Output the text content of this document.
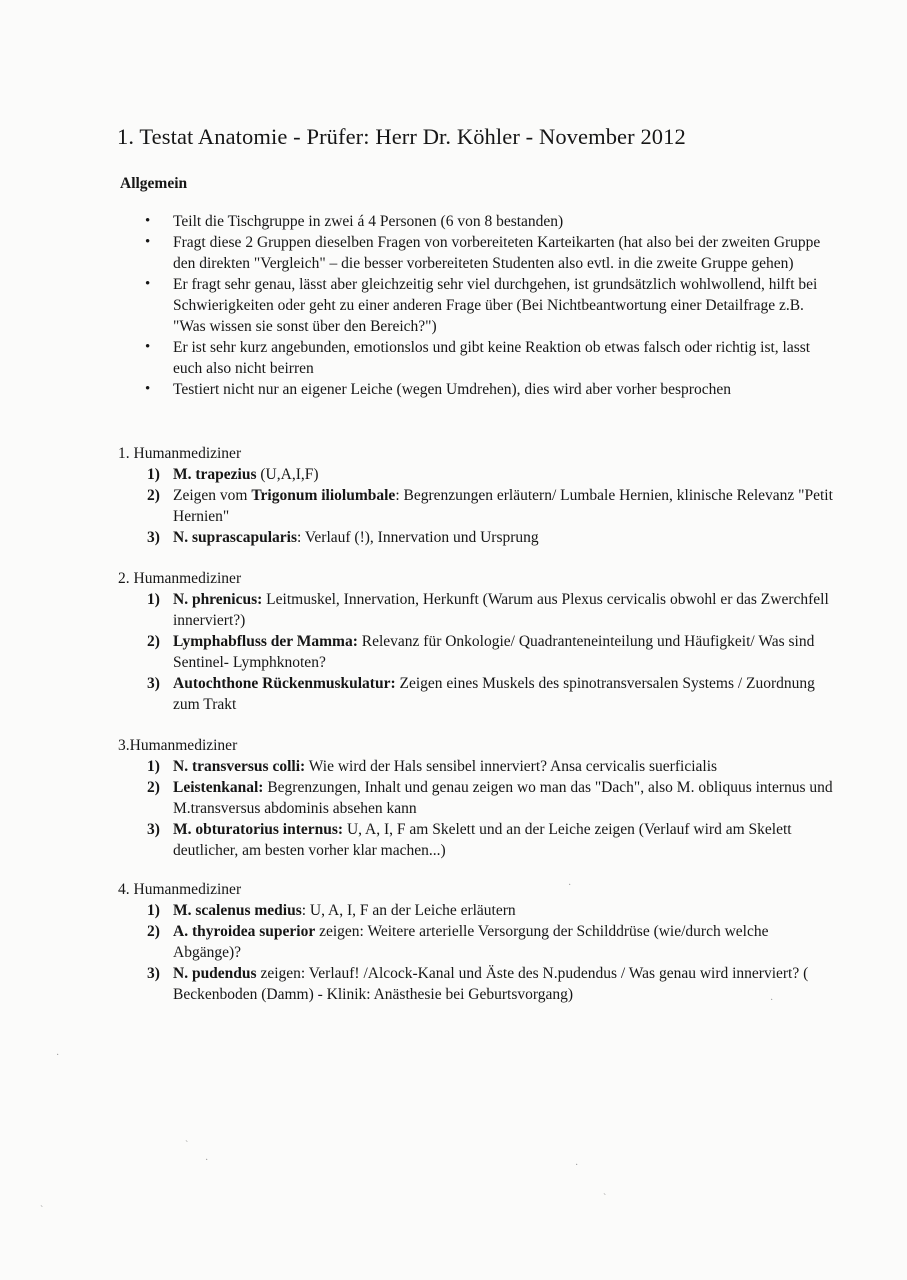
1. Testat Anatomie - Prüfer: Herr Dr. Köhler - November 2012
Allgemein
• Teilt die Tischgruppe in zwei á 4 Personen (6 von 8 bestanden)
• Fragt diese 2 Gruppen dieselben Fragen von vorbereiteten Karteikarten (hat also bei der zweiten Gruppe den direkten "Vergleich" – die besser vorbereiteten Studenten also evtl. in die zweite Gruppe gehen)
• Er fragt sehr genau, lässt aber gleichzeitig sehr viel durchgehen, ist grundsätzlich wohlwollend, hilft bei Schwierigkeiten oder geht zu einer anderen Frage über (Bei Nichtbeantwortung einer Detailfrage z.B. "Was wissen sie sonst über den Bereich?")
• Er ist sehr kurz angebunden, emotionslos und gibt keine Reaktion ob etwas falsch oder richtig ist, lasst euch also nicht beirren
• Testiert nicht nur an eigener Leiche (wegen Umdrehen), dies wird aber vorher besprochen
1. Humanmediziner
1) M. trapezius (U,A,I,F)
2) Zeigen vom Trigonum iliolumbale: Begrenzungen erläutern/ Lumbale Hernien, klinische Relevanz "Petit Hernien"
3) N. suprascapularis: Verlauf (!), Innervation und Ursprung
2. Humanmediziner
1) N. phrenicus: Leitmuskel, Innervation, Herkunft (Warum aus Plexus cervicalis obwohl er das Zwerchfell innerviert?)
2) Lymphabfluss der Mamma: Relevanz für Onkologie/ Quadranteneinteilung und Häufigkeit/ Was sind Sentinel- Lymphknoten?
3) Autochthone Rückenmuskulatur: Zeigen eines Muskels des spinotransversalen Systems / Zuordnung zum Trakt
3.Humanmediziner
1) N. transversus colli: Wie wird der Hals sensibel innerviert? Ansa cervicalis suerficialis
2) Leistenkanal: Begrenzungen, Inhalt und genau zeigen wo man das "Dach", also M. obliquus internus und M.transversus abdominis absehen kann
3) M. obturatorius internus: U, A, I, F am Skelett und an der Leiche zeigen (Verlauf wird am Skelett deutlicher, am besten vorher klar machen...)
4. Humanmediziner
1) M. scalenus medius: U, A, I, F an der Leiche erläutern
2) A. thyroidea superior zeigen: Weitere arterielle Versorgung der Schilddrüse (wie/durch welche Abgänge)?
3) N. pudendus zeigen: Verlauf! /Alcock-Kanal und Äste des N.pudendus / Was genau wird innerviert? ( Beckenboden (Damm) - Klinik: Anästhesie bei Geburtsvorgang)
·
`
·	·
`
`
·
·
